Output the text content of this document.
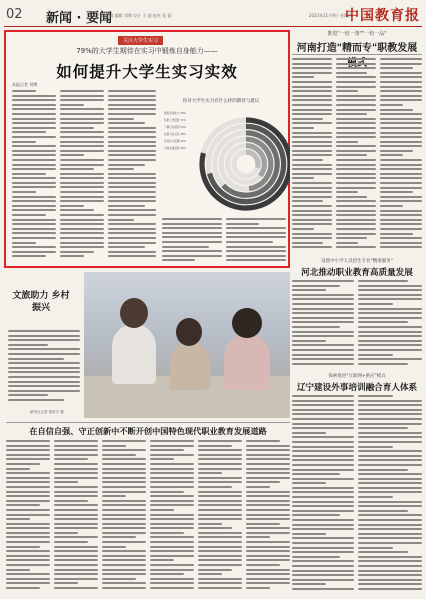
02 新闻 · 要闻
主编 刘博 编辑 刘博 设计 王 超 校对 张 磊	2023年11月9日 星期四
中国教育报
关注大学生实习
79%的大学生期待在实习中锻炼自身能力——
如何提升大学生实习实效
本报记者 刘博
你对大学生实习有什么样的期待与建议
锻炼自身能力 79%
积累工作经验 71%
了解行业情况 63%
拓展人际关系 48%
获得实习报酬 36%
为就业做准备 30%
推进"一校一策""一校一品"
河南打造"精而专"职教发展
设置中小学人员招生专业"精准服务"
河北推动职业教育高质量发展
探索推进"互联网+供应"模式
辽宁建设外事培训融合育人体系
文旅助力 乡村振兴
新华社记者 胡星宇 摄
在自信自强、守正创新中不断开创中国特色现代职业教育发展道路
